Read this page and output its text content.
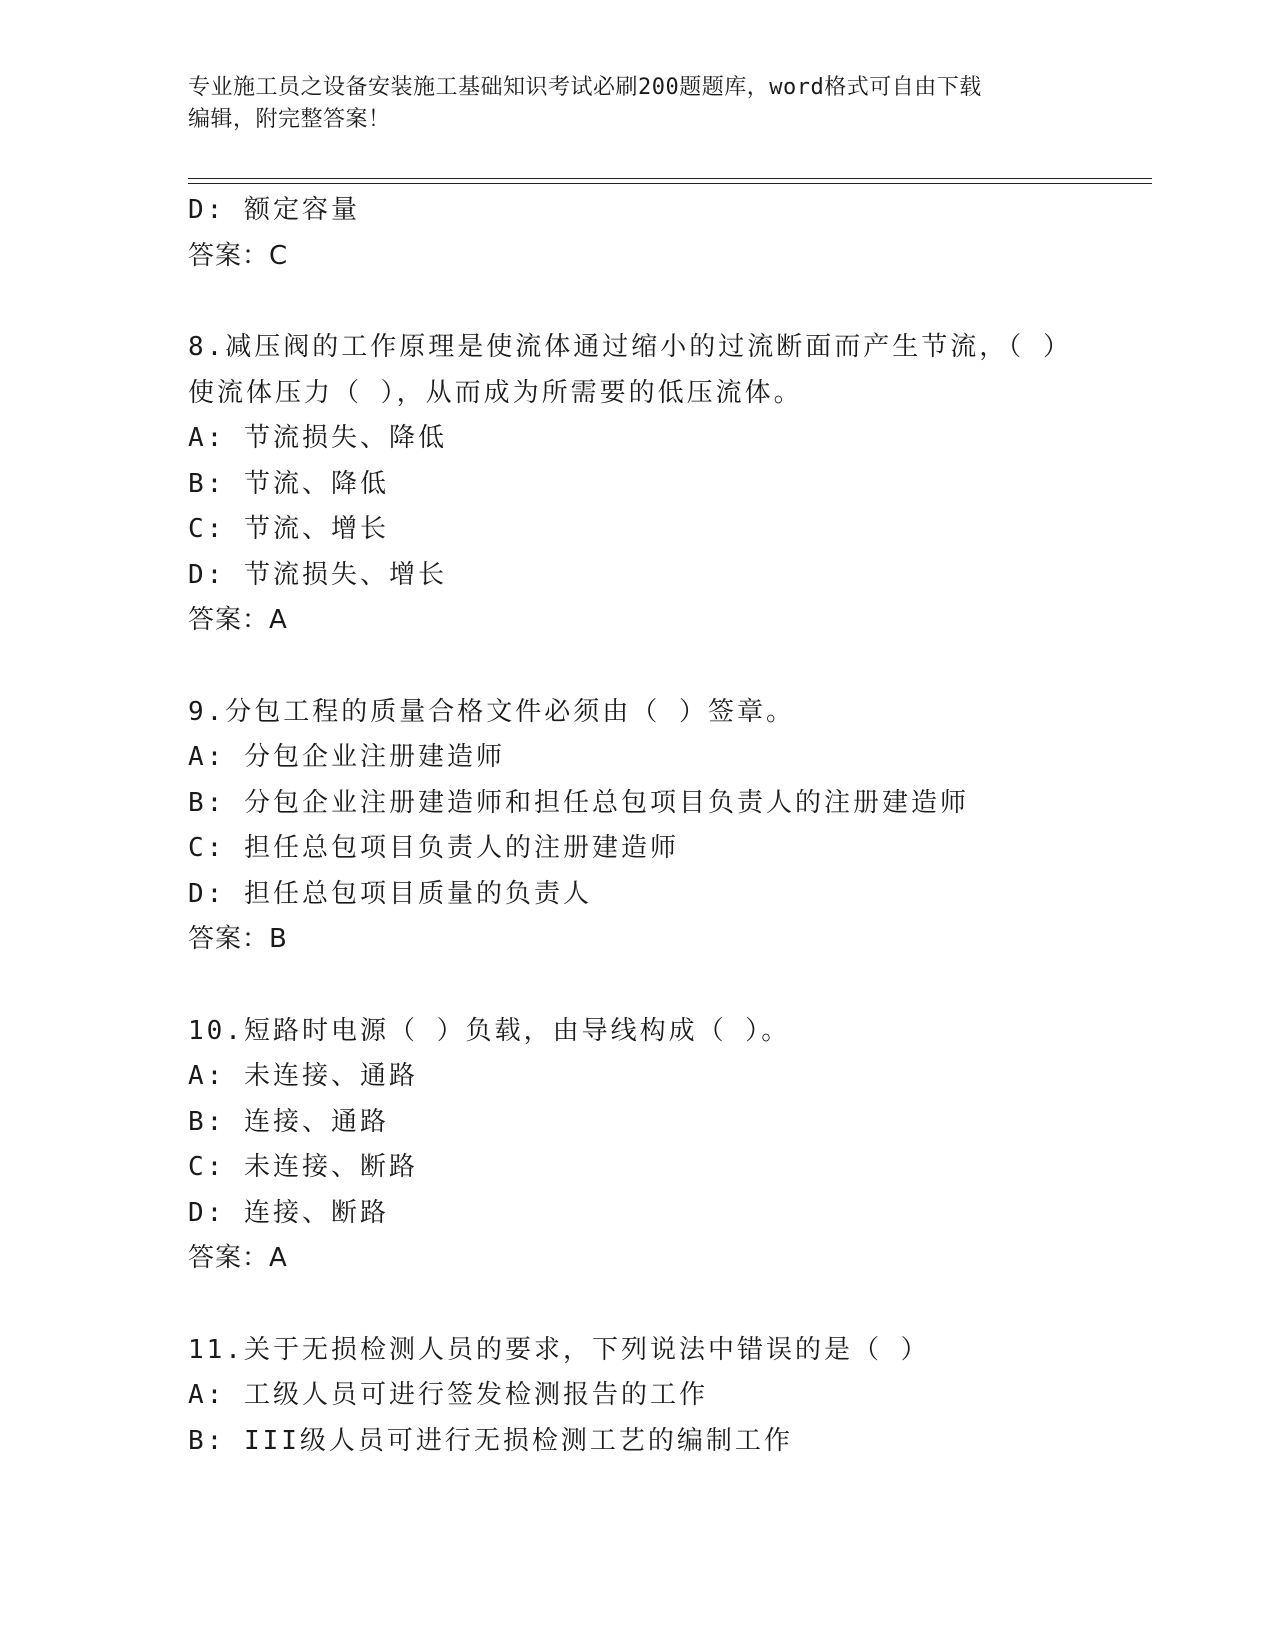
专业施工员之设备安装施工基础知识考试必刷200题题库，word格式可自由下载
编辑，附完整答案！
D: 额定容量
答案：C
8.减压阀的工作原理是使流体通过缩小的过流断面而产生节流，（ ）
使流体压力（ ），从而成为所需要的低压流体。
A: 节流损失、降低
B: 节流、降低
C: 节流、增长
D: 节流损失、增长
答案：A
9.分包工程的质量合格文件必须由（ ）签章。
A: 分包企业注册建造师
B: 分包企业注册建造师和担任总包项目负责人的注册建造师
C: 担任总包项目负责人的注册建造师
D: 担任总包项目质量的负责人
答案：B
10.短路时电源（ ）负载，由导线构成（ ）。
A: 未连接、通路
B: 连接、通路
C: 未连接、断路
D: 连接、断路
答案：A
11.关于无损检测人员的要求，下列说法中错误的是（ ）
A: 工级人员可进行签发检测报告的工作
B: III级人员可进行无损检测工艺的编制工作
